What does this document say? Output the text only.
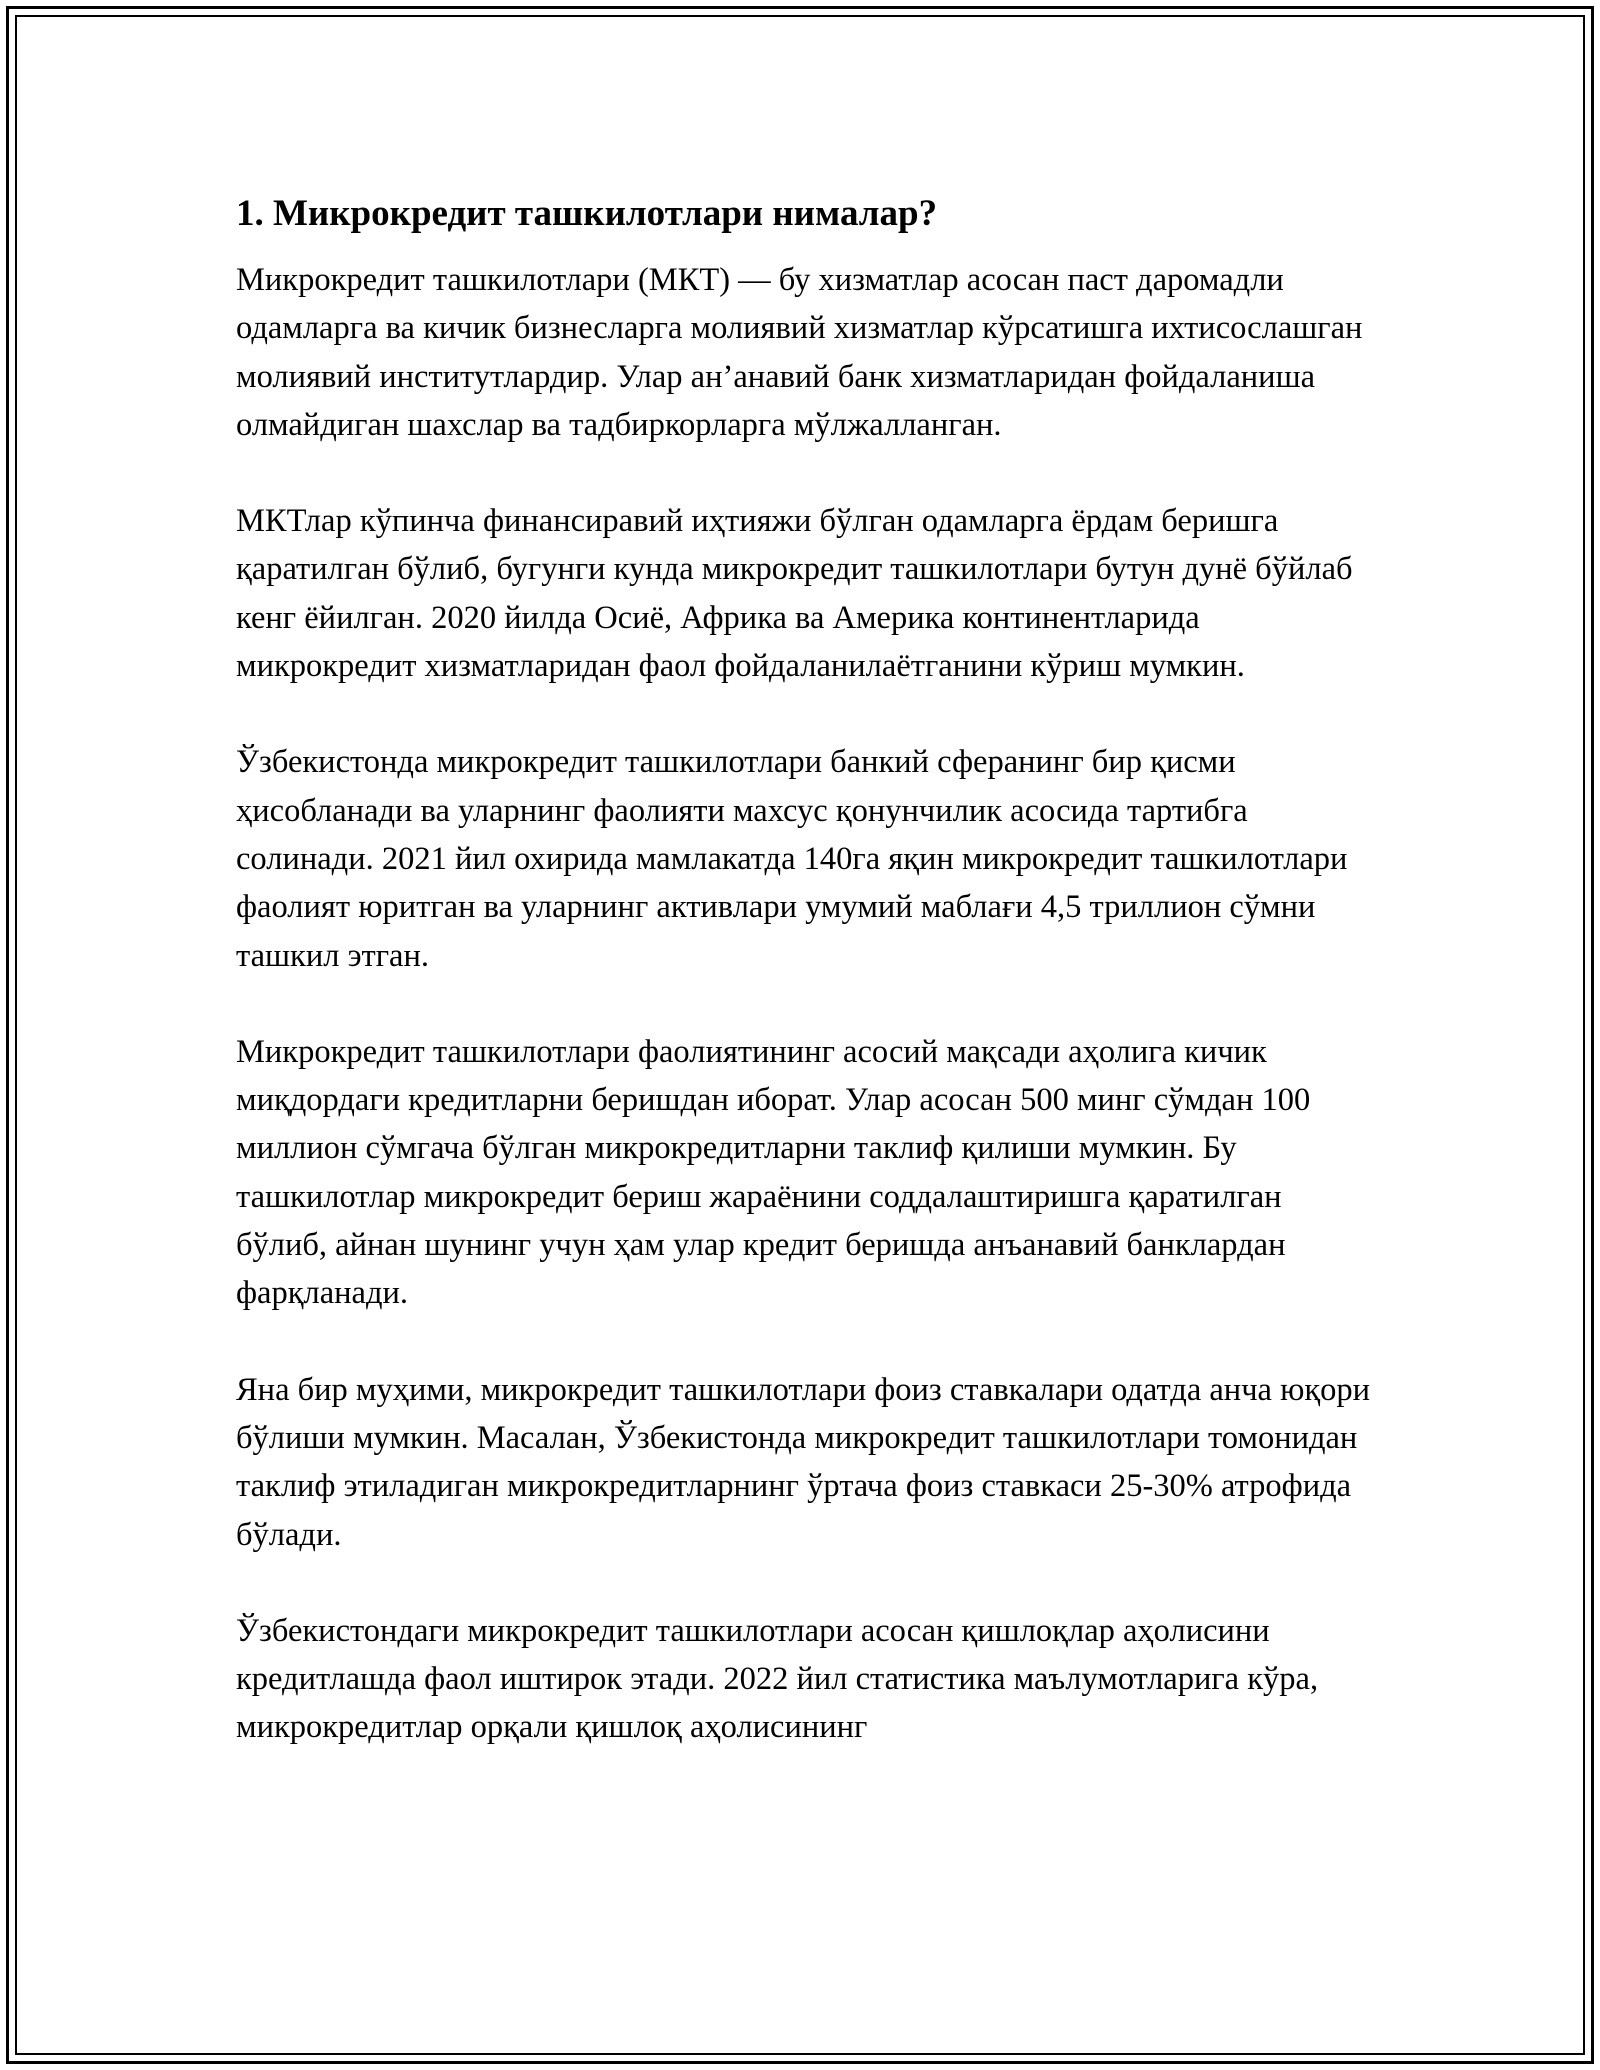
1. Микрокредит ташкилотлари нималар?

Микрокредит ташкилотлари (МКТ) — бу хизматлар асосан паст даромадли одамларга ва кичик бизнесларга молиявий хизматлар кўрсатишга ихтисослашган молиявий институтлардир. Улар ан’анавий банк хизматларидан фойдаланиша олмайдиган шахслар ва тадбиркорларга мўлжалланган.

МКТлар кўпинча финансиравий иҳтияжи бўлган одамларга ёрдам беришга қаратилган бўлиб, бугунги кунда микрокредит ташкилотлари бутун дунё бўйлаб кенг ёйилган. 2020 йилда Осиё, Африка ва Америка континентларида микрокредит хизматларидан фаол фойдаланилаётганини кўриш мумкин.

Ўзбекистонда микрокредит ташкилотлари банкий сферанинг бир қисми ҳисобланади ва уларнинг фаолияти махсус қонунчилик асосида тартибга солинади. 2021 йил охирида мамлакатда 140га яқин микрокредит ташкилотлари фаолият юритган ва уларнинг активлари умумий маблағи 4,5 триллион сўмни ташкил этган.

Микрокредит ташкилотлари фаолиятининг асосий мақсади аҳолига кичик миқдордаги кредитларни беришдан иборат. Улар асосан 500 минг сўмдан 100 миллион сўмгача бўлган микрокредитларни таклиф қилиши мумкин. Бу ташкилотлар микрокредит бериш жараёнини соддалаштиришга қаратилган бўлиб, айнан шунинг учун ҳам улар кредит беришда анъанавий банклардан фарқланади.

Яна бир муҳими, микрокредит ташкилотлари фоиз ставкалари одатда анча юқори бўлиши мумкин. Масалан, Ўзбекистонда микрокредит ташкилотлари томонидан таклиф этиладиган микрокредитларнинг ўртача фоиз ставкаси 25-30% атрофида бўлади.

Ўзбекистондаги микрокредит ташкилотлари асосан қишлоқлар аҳолисини кредитлашда фаол иштирок этади. 2022 йил статистика маълумотларига кўра, микрокредитлар орқали қишлоқ аҳолисининг
